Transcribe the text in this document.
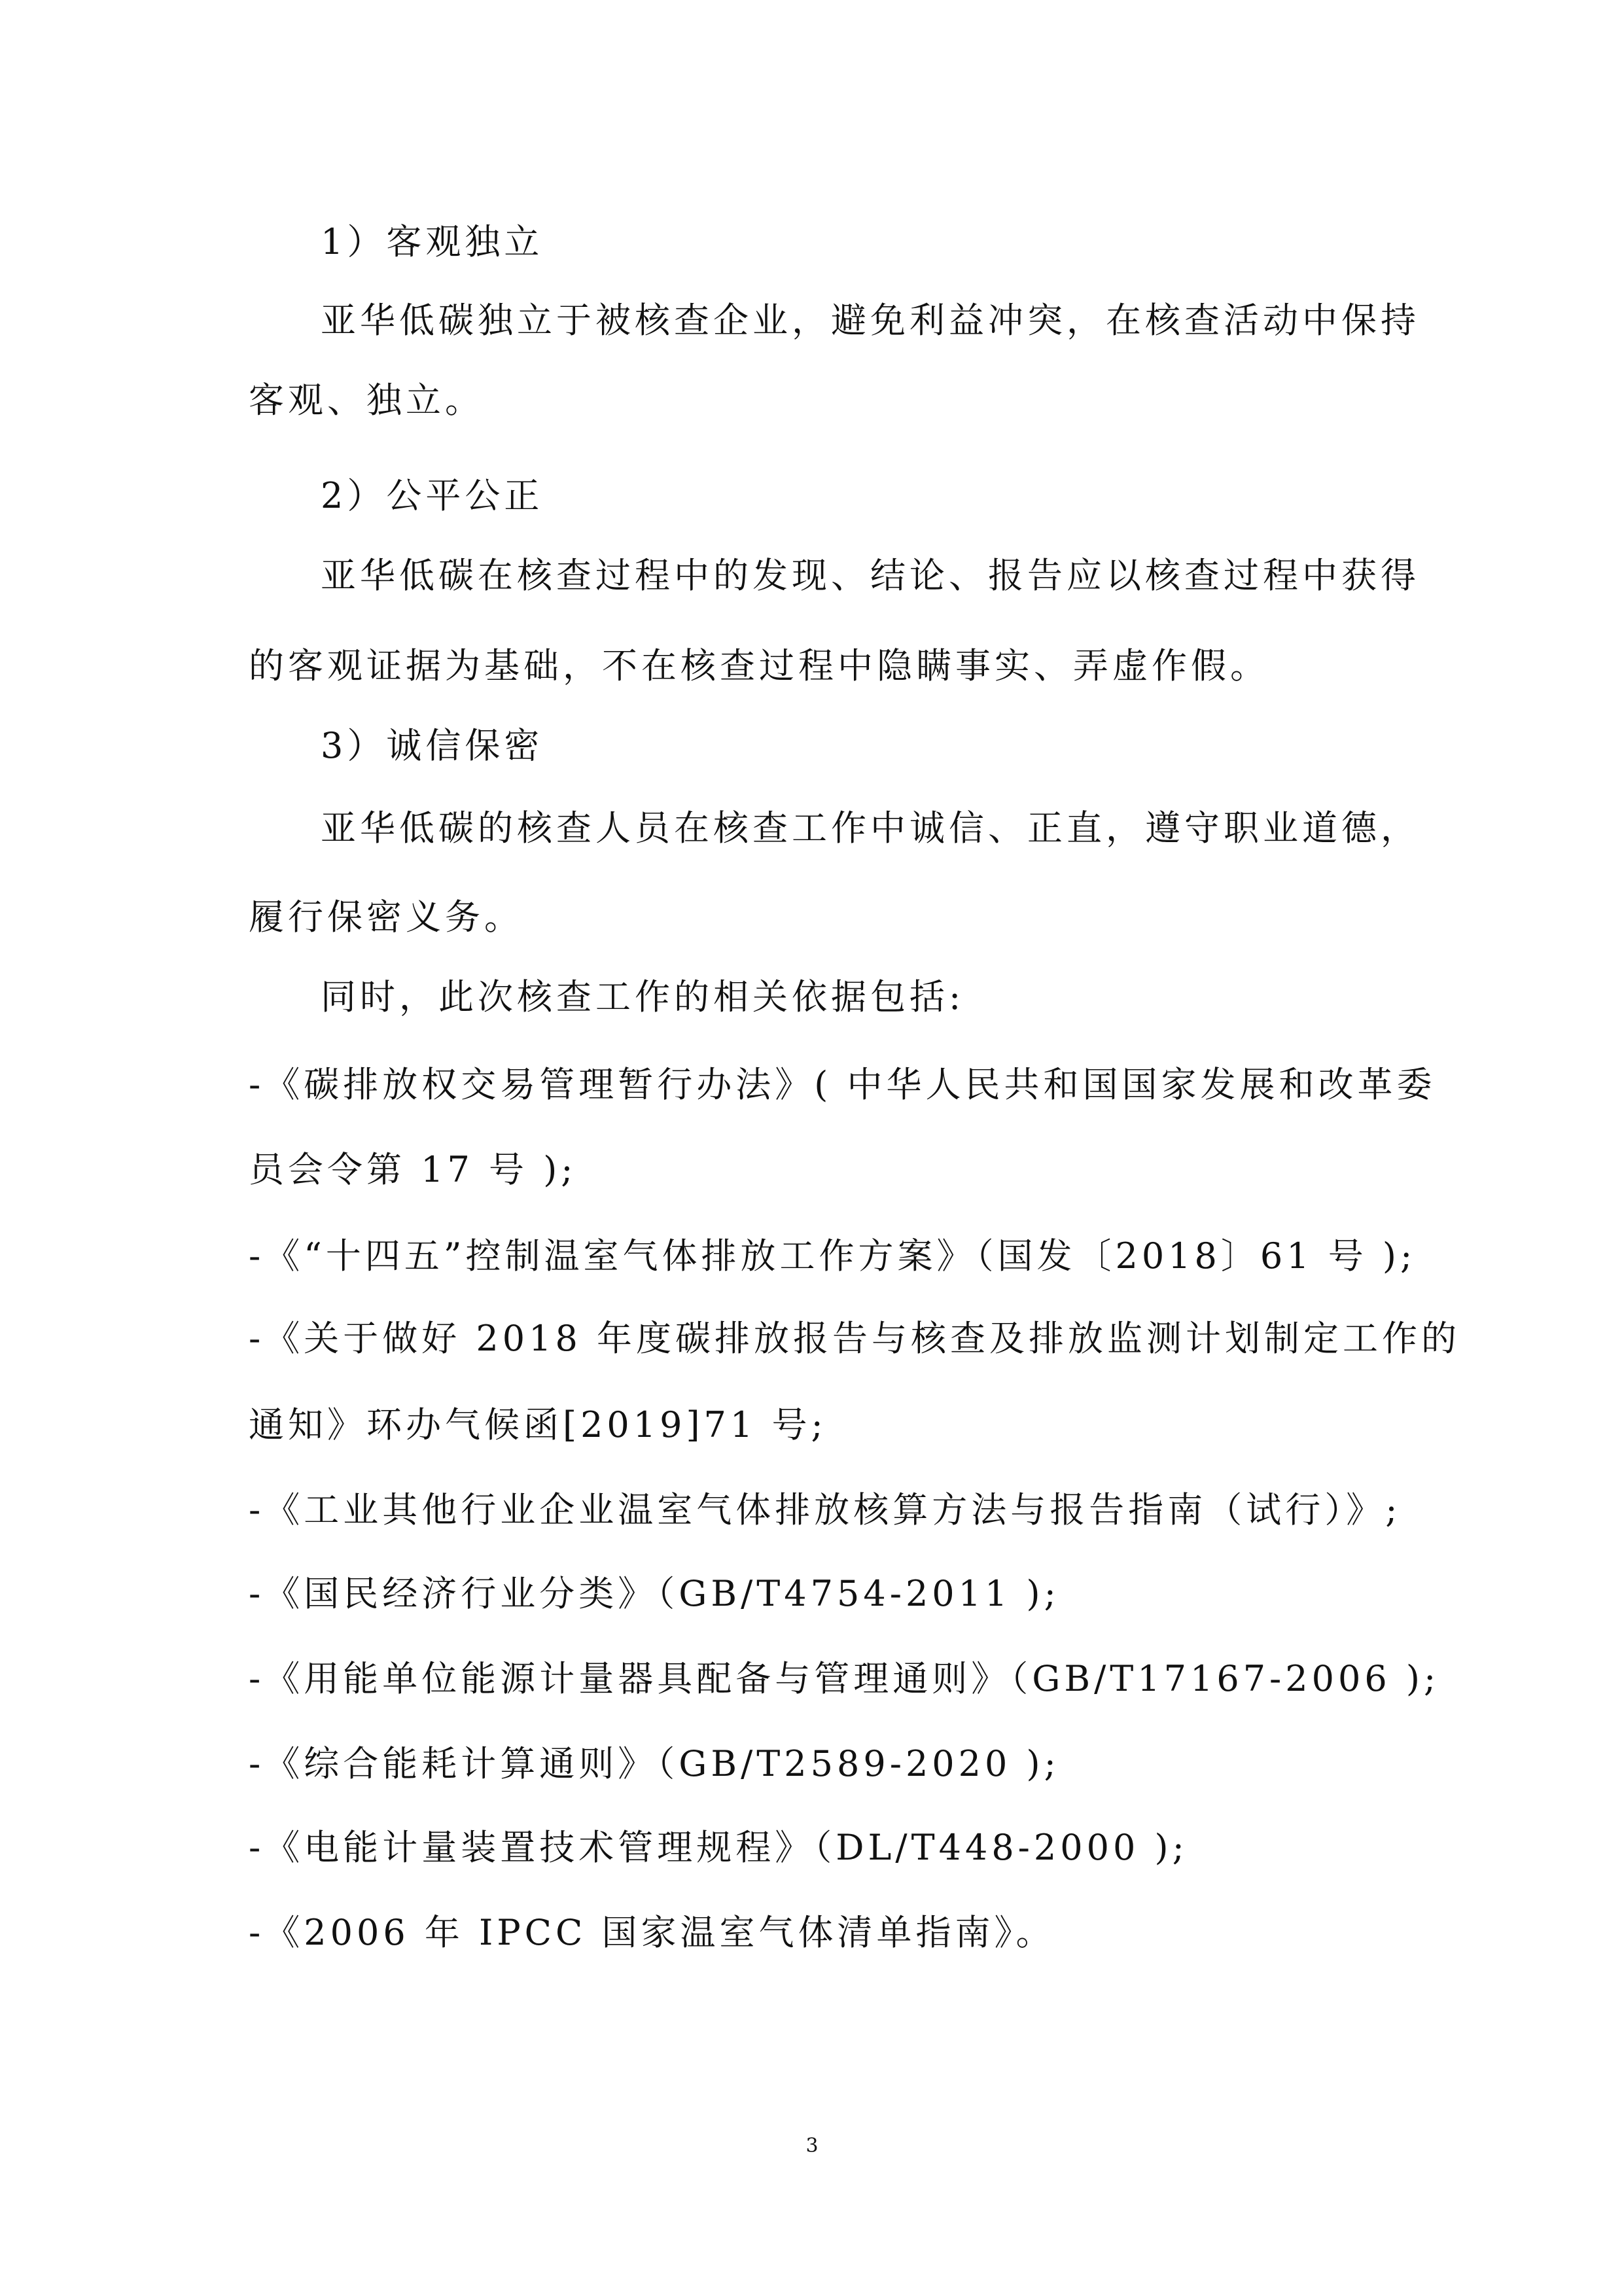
1）客观独立
亚华低碳独立于被核查企业，避免利益冲突，在核查活动中保持
客观、独立。
2）公平公正
亚华低碳在核查过程中的发现、结论、报告应以核查过程中获得
的客观证据为基础，不在核查过程中隐瞒事实、弄虚作假。
3）诚信保密
亚华低碳的核查人员在核查工作中诚信、正直，遵守职业道德，
履行保密义务。
同时，此次核查工作的相关依据包括:
-《碳排放权交易管理暂行办法》( 中华人民共和国国家发展和改革委
员会令第 17 号 );
-《“十四五”控制温室气体排放工作方案》（国发〔2018〕61 号 );
-《关于做好 2018 年度碳排放报告与核查及排放监测计划制定工作的
通知》环办气候函[2019]71 号;
-《工业其他行业企业温室气体排放核算方法与报告指南（试行）》;
-《国民经济行业分类》（GB/T4754-2011 );
-《用能单位能源计量器具配备与管理通则》（GB/T17167-2006 );
-《综合能耗计算通则》（GB/T2589-2020 );
-《电能计量装置技术管理规程》（DL/T448-2000 );
-《2006 年 IPCC 国家温室气体清单指南》。
3
